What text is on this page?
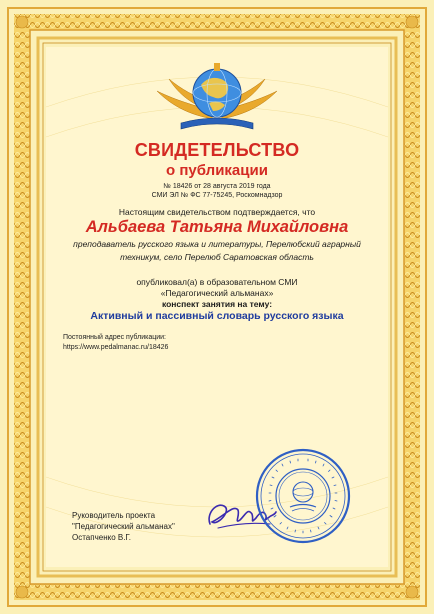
СВИДЕТЕЛЬСТВО
о публикации
№ 18426 от 28 августа 2019 года
СМИ ЭЛ № ФС 77-75245, Роскомнадзор
Настоящим свидетельством подтверждается, что
Альбаева Татьяна Михайловна
преподаватель русского языка и литературы, Перелюбский аграрный
техникум, село Перелюб Саратовская область
опубликовал(а) в образовательном СМИ
«Педагогический альманах»
конспект занятия на тему:
Активный и пассивный словарь русского языка
Постоянный адрес публикации:
https://www.pedalmanac.ru/18426
Руководитель проекта
"Педагогический альманах"
Остапченко В.Г.
